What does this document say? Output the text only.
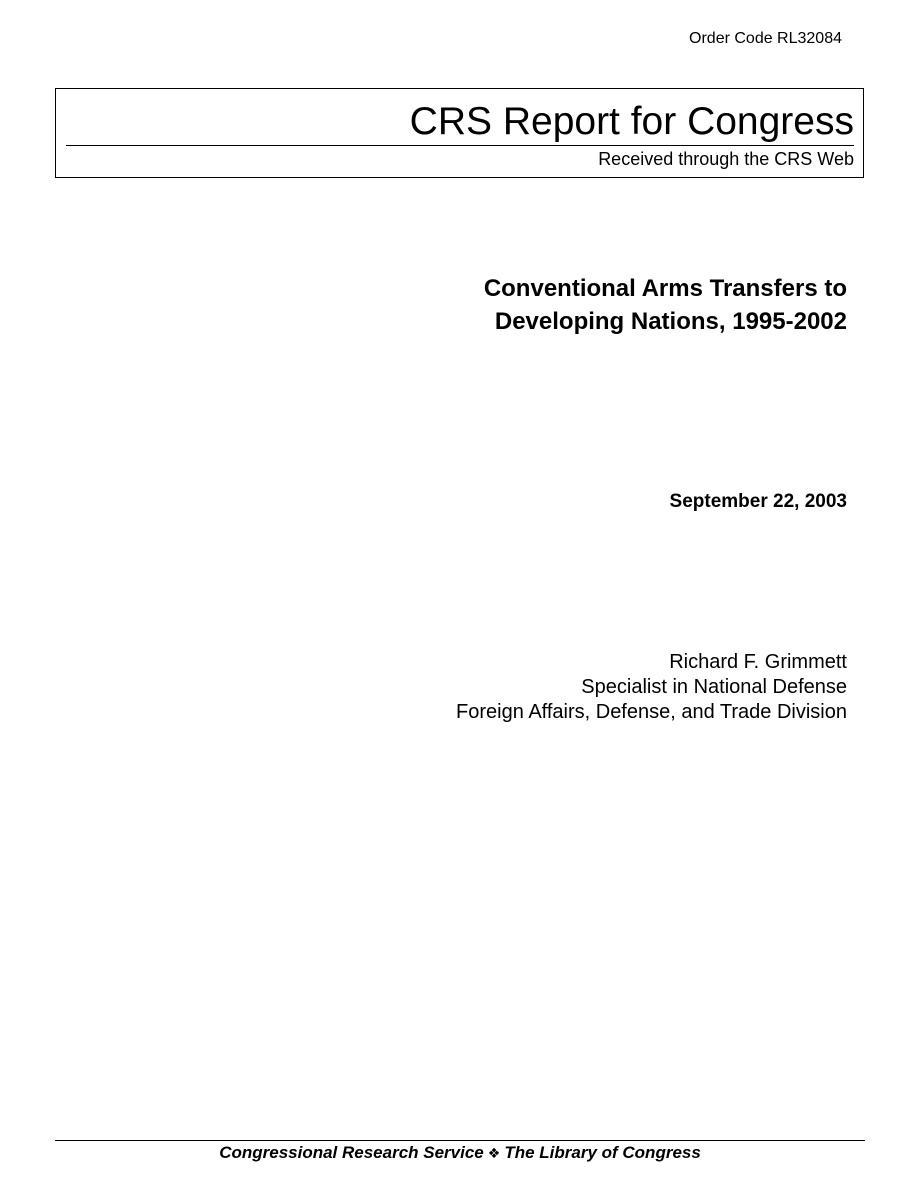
Order Code RL32084
CRS Report for Congress
Received through the CRS Web
Conventional Arms Transfers to
Developing Nations, 1995-2002
September 22, 2003
Richard F. Grimmett
Specialist in National Defense
Foreign Affairs, Defense, and Trade Division
Congressional Research Service ❖ The Library of Congress
